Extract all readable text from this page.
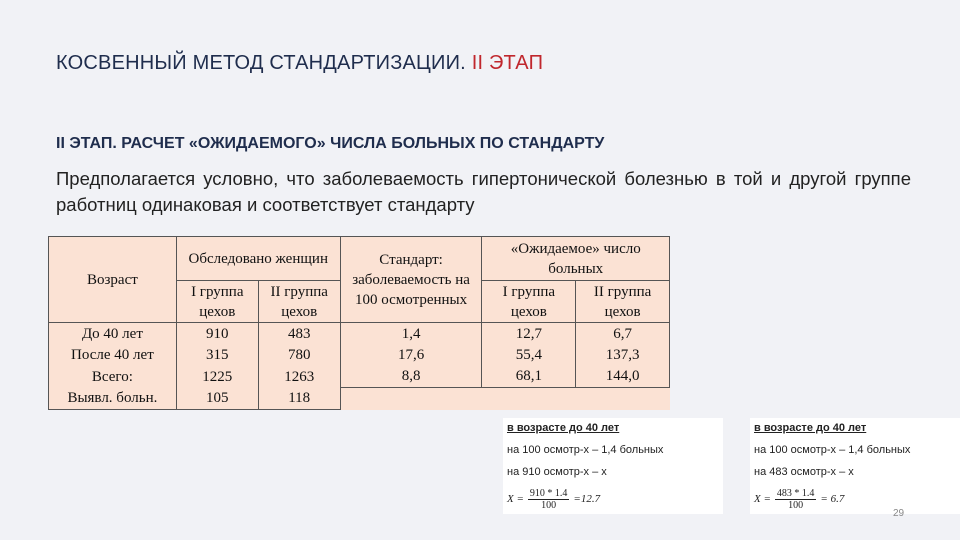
КОСВЕННЫЙ МЕТОД СТАНДАРТИЗАЦИИ. II ЭТАП
II ЭТАП. РАСЧЕТ «ОЖИДАЕМОГО» ЧИСЛА БОЛЬНЫХ ПО СТАНДАРТУ
Предполагается условно, что заболеваемость гипертонической болезнью в той и другой группе работниц одинаковая и соответствует стандарту
Возраст	Обследовано женщин		Стандарт: заболеваемость на 100 осмотренных	«Ожидаемое» число больных	
	I группа цехов	II группа цехов		I группа цехов	II группа цехов
До 40 лет	910	483	1,4	12,7	6,7
После 40 лет	315	780	17,6	55,4	137,3
Всего:	1225	1263	8,8	68,1	144,0
Выявл. больн.	105	118			
в возрасте до 40 лет
на 100 осмотр-х – 1,4 больных
на 910 осмотр-х – x
$X = \frac{910 * 1.4}{100} =12.7$
в возрасте до 40 лет
на 100 осмотр-х – 1,4 больных
на 483 осмотр-х – x
$X = \frac{483 * 1.4}{100} = 6.7$
29
